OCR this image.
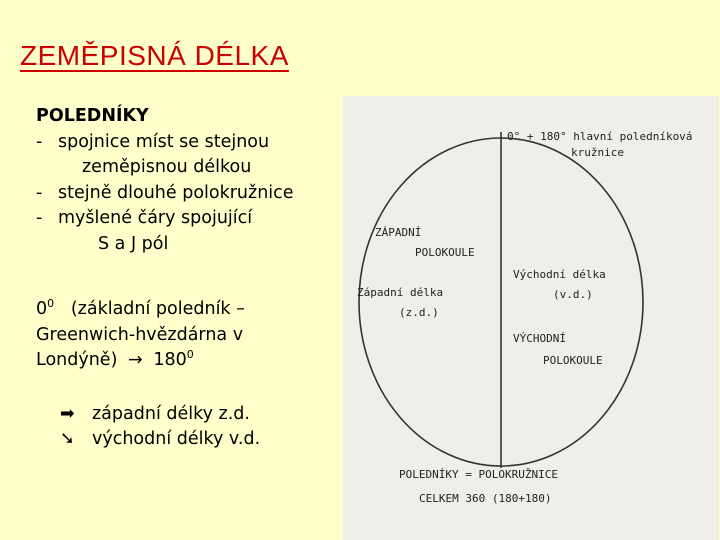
ZEMĚPISNÁ DÉLKA
POLEDNÍKY
- spojnice míst se stejnou
zeměpisnou délkou
- stejně dlouhé polokružnice
- myšlené čáry spojující
S a J pól
$0^0$ (základní poledník –
Greenwich-hvězdárna v
Londýně) → $180^0$
➡ západní délky z.d.
➘ východní délky v.d.
0° + 180° hlavní poledníková
kružnice
ZÁPADNÍ
POLOKOULE
Západní délka
(z.d.)
Východní délka
(v.d.)
VÝCHODNÍ
POLOKOULE
POLEDNÍKY = POLOKRUŽNICE
CELKEM 360 (180+180)
